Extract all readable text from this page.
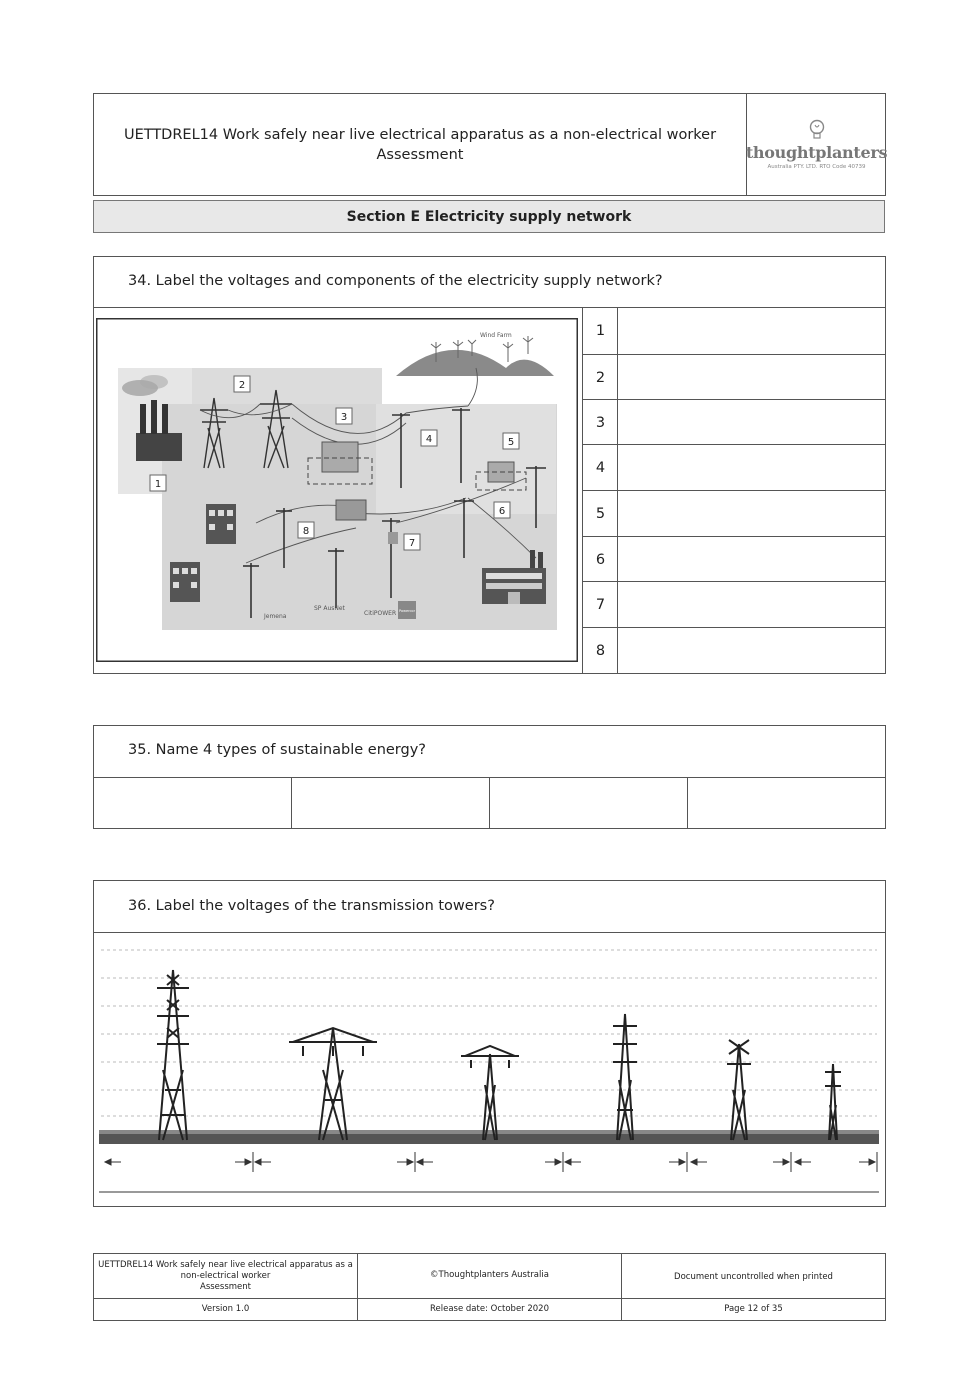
UETTDREL14 Work safely near live electrical apparatus as a non-electrical worker
Assessment	thoughtplanters
Australia PTY. LTD. RTO Code 40739
Section E Electricity supply network
34. Label the voltages and components of the electricity supply network?
1
2
3
4
5
6
7
8
Wind Farm
Jemena
SP AusNet
CitiPOWER Powercor
2
3
4	5
1
6
8
7
35. Name 4 types of sustainable energy?
36. Label the voltages of the transmission towers?
UETTDREL14 Work safely near live electrical apparatus as a
non-electrical worker
Assessment
©Thoughtplanters Australia	Document uncontrolled when printed
Version 1.0	Release date: October 2020	Page 12 of 35
